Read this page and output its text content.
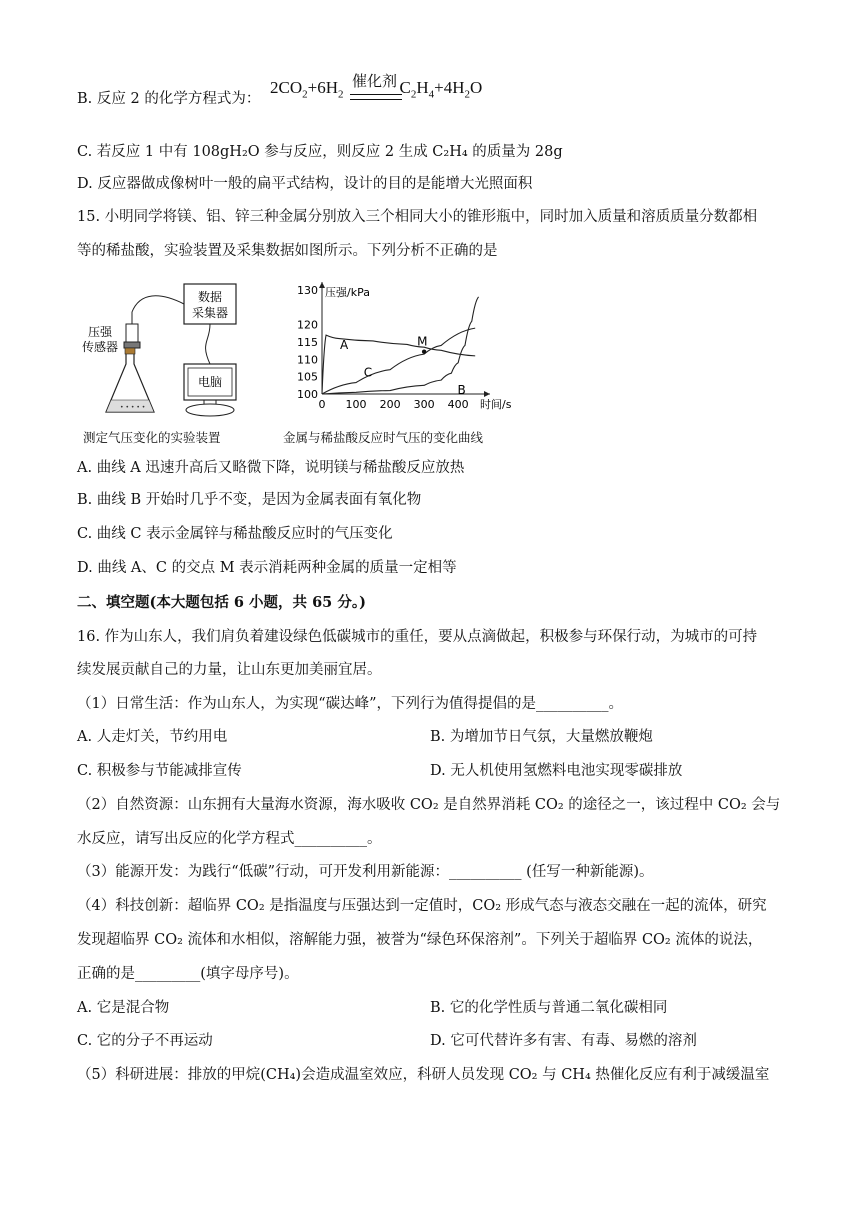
B. 反应 2 的化学方程式为：
$2CO_2+6H_2$	$C_2H_4+4H_2O$
催化剂
C. 若反应 1 中有 108gH₂O 参与反应，则反应 2 生成 C₂H₄ 的质量为 28g
D. 反应器做成像树叶一般的扁平式结构，设计的目的是能增大光照面积
15. 小明同学将镁、铝、锌三种金属分别放入三个相同大小的锥形瓶中，同时加入质量和溶质质量分数都相
等的稀盐酸，实验装置及采集数据如图所示。下列分析不正确的是
数据
采集器
电脑
压强
传感器
• • • • •
测定气压变化的实验装置
压强/kPa
时间/s
0 100 200 300 400
100
105
110
115
120
130
A
B
C
M
金属与稀盐酸反应时气压的变化曲线
A. 曲线 A 迅速升高后又略微下降，说明镁与稀盐酸反应放热
B. 曲线 B 开始时几乎不变，是因为金属表面有氧化物
C. 曲线 C 表示金属锌与稀盐酸反应时的气压变化
D. 曲线 A、C 的交点 M 表示消耗两种金属的质量一定相等
二、填空题(本大题包括 6 小题，共 65 分。)
16. 作为山东人，我们肩负着建设绿色低碳城市的重任，要从点滴做起，积极参与环保行动，为城市的可持
续发展贡献自己的力量，让山东更加美丽宜居。
（1）日常生活：作为山东人，为实现“碳达峰”，下列行为值得提倡的是__________。
A. 人走灯关，节约用电	B. 为增加节日气氛，大量燃放鞭炮
C. 积极参与节能减排宣传	D. 无人机使用氢燃料电池实现零碳排放
（2）自然资源：山东拥有大量海水资源，海水吸收 CO₂ 是自然界消耗 CO₂ 的途径之一，该过程中 CO₂ 会与
水反应，请写出反应的化学方程式__________。
（3）能源开发：为践行“低碳”行动，可开发利用新能源：__________ (任写一种新能源)。
（4）科技创新：超临界 CO₂ 是指温度与压强达到一定值时，CO₂ 形成气态与液态交融在一起的流体，研究
发现超临界 CO₂ 流体和水相似，溶解能力强，被誉为“绿色环保溶剂”。下列关于超临界 CO₂ 流体的说法，
正确的是_________(填字母序号)。
A. 它是混合物	B. 它的化学性质与普通二氧化碳相同
C. 它的分子不再运动	D. 它可代替许多有害、有毒、易燃的溶剂
（5）科研进展：排放的甲烷(CH₄)会造成温室效应，科研人员发现 CO₂ 与 CH₄ 热催化反应有利于减缓温室
